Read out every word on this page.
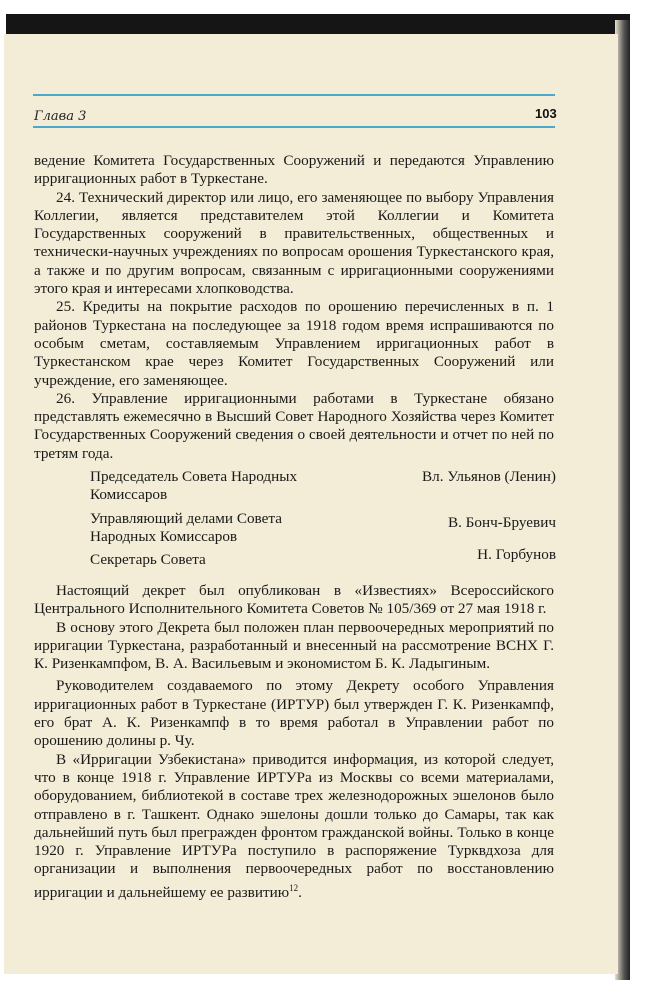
Глава 3	103

ведение Комитета Государственных Сооружений и передаются Управлению ирригационных работ в Туркестане.

24. Технический директор или лицо, его заменяющее по выбору Управления Коллегии, является представителем этой Коллегии и Комитета Государственных сооружений в правительственных, общественных и технически-научных учреждениях по вопросам орошения Туркестанского края, а также и по другим вопросам, связанным с ирригационными сооружениями этого края и интересами хлопководства.

25. Кредиты на покрытие расходов по орошению перечисленных в п. 1 районов Туркестана на последующее за 1918 годом время испрашиваются по особым сметам, составляемым Управлением ирригационных работ в Туркестанском крае через Комитет Государственных Сооружений или учреждение, его заменяющее.

26. Управление ирригационными работами в Туркестане обязано представлять ежемесячно в Высший Совет Народного Хозяйства через Комитет Государственных Сооружений сведения о своей деятельности и отчет по ней по третям года.

Председатель Совета Народных Комиссаров
Вл. Ульянов (Ленин)
Управляющий делами Совета Народных Комиссаров
В. Бонч-Бруевич
Секретарь Совета	Н. Горбунов

Настоящий декрет был опубликован в «Известиях» Всероссийского Центрального Исполнительного Комитета Советов № 105/369 от 27 мая 1918 г.

В основу этого Декрета был положен план первоочередных мероприятий по ирригации Туркестана, разработанный и внесенный на рассмотрение ВСНХ Г. К. Ризенкампфом, В. А. Васильевым и экономистом Б. К. Ладыгиным.

Руководителем создаваемого по этому Декрету особого Управления ирригационных работ в Туркестане (ИРТУР) был утвержден Г. К. Ризенкампф, его брат А. К. Ризенкампф в то время работал в Управлении работ по орошению долины р. Чу.

В «Ирригации Узбекистана» приводится информация, из которой следует, что в конце 1918 г. Управление ИРТУРа из Москвы со всеми материалами, оборудованием, библиотекой в составе трех железнодорожных эшелонов было отправлено в г. Ташкент. Однако эшелоны дошли только до Самары, так как дальнейший путь был прегражден фронтом гражданской войны. Только в конце 1920 г. Управление ИРТУРа поступило в распоряжение Турквдхоза для организации и выполнения первоочередных работ по восстановлению ирригации и дальнейшему ее развитию$^{12}$.
